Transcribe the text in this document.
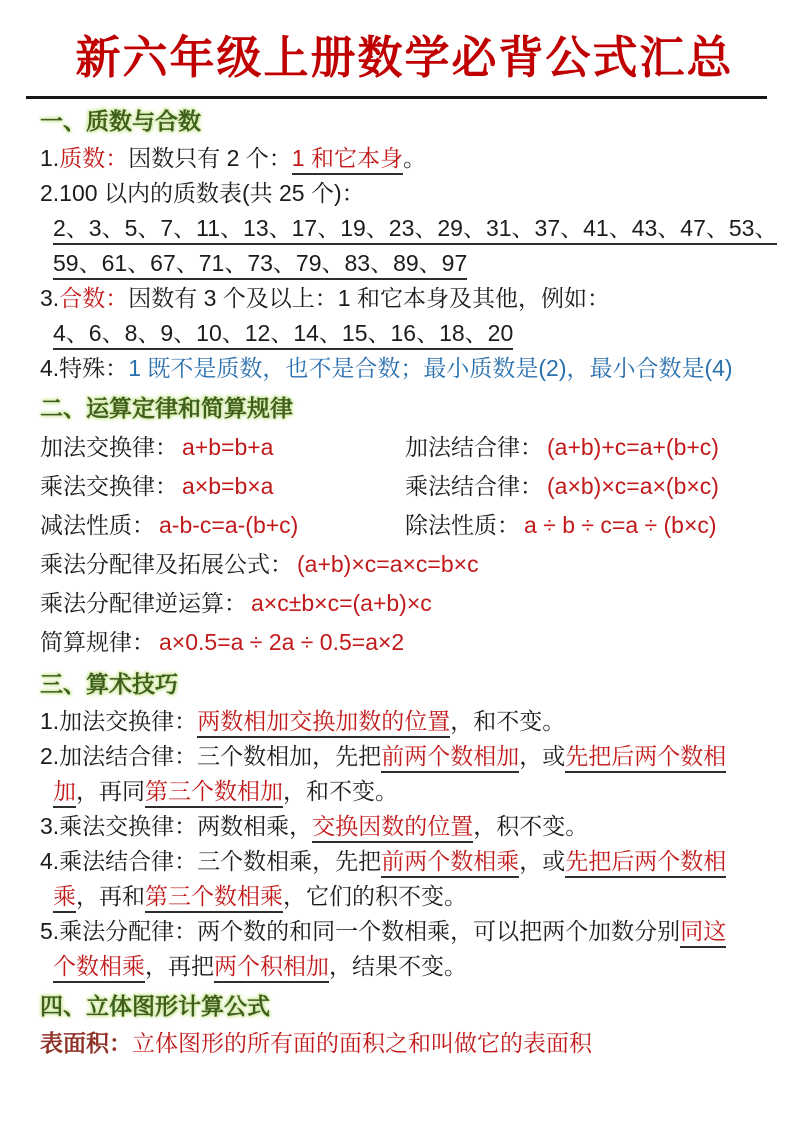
新六年级上册数学必背公式汇总
一、质数与合数
1.质数：因数只有 2 个：1 和它本身。
2.100 以内的质数表(共 25 个)：
2、3、5、7、11、13、17、19、23、29、31、37、41、43、47、53、
59、61、67、71、73、79、83、89、97
3.合数：因数有 3 个及以上：1 和它本身及其他，例如：
4、6、8、9、10、12、14、15、16、18、20
4.特殊：1 既不是质数，也不是合数；最小质数是(2)，最小合数是(4)
二、运算定律和简算规律
加法交换律： a+b=b+a	加法结合律： (a+b)+c=a+(b+c)
乘法交换律： a×b=b×a	乘法结合律： (a×b)×c=a×(b×c)
减法性质： a-b-c=a-(b+c)	除法性质： a ÷ b ÷ c=a ÷ (b×c)
乘法分配律及拓展公式： (a+b)×c=a×c=b×c
乘法分配律逆运算： a×c±b×c=(a+b)×c
简算规律： a×0.5=a ÷ 2a ÷ 0.5=a×2
三、算术技巧
1.加法交换律：两数相加交换加数的位置，和不变。
2.加法结合律：三个数相加，先把前两个数相加，或先把后两个数相
加，再同第三个数相加，和不变。
3.乘法交换律：两数相乘，交换因数的位置，积不变。
4.乘法结合律：三个数相乘，先把前两个数相乘，或先把后两个数相
乘，再和第三个数相乘，它们的积不变。
5.乘法分配律：两个数的和同一个数相乘，可以把两个加数分别同这
个数相乘，再把两个积相加，结果不变。
四、立体图形计算公式
表面积：立体图形的所有面的面积之和叫做它的表面积
